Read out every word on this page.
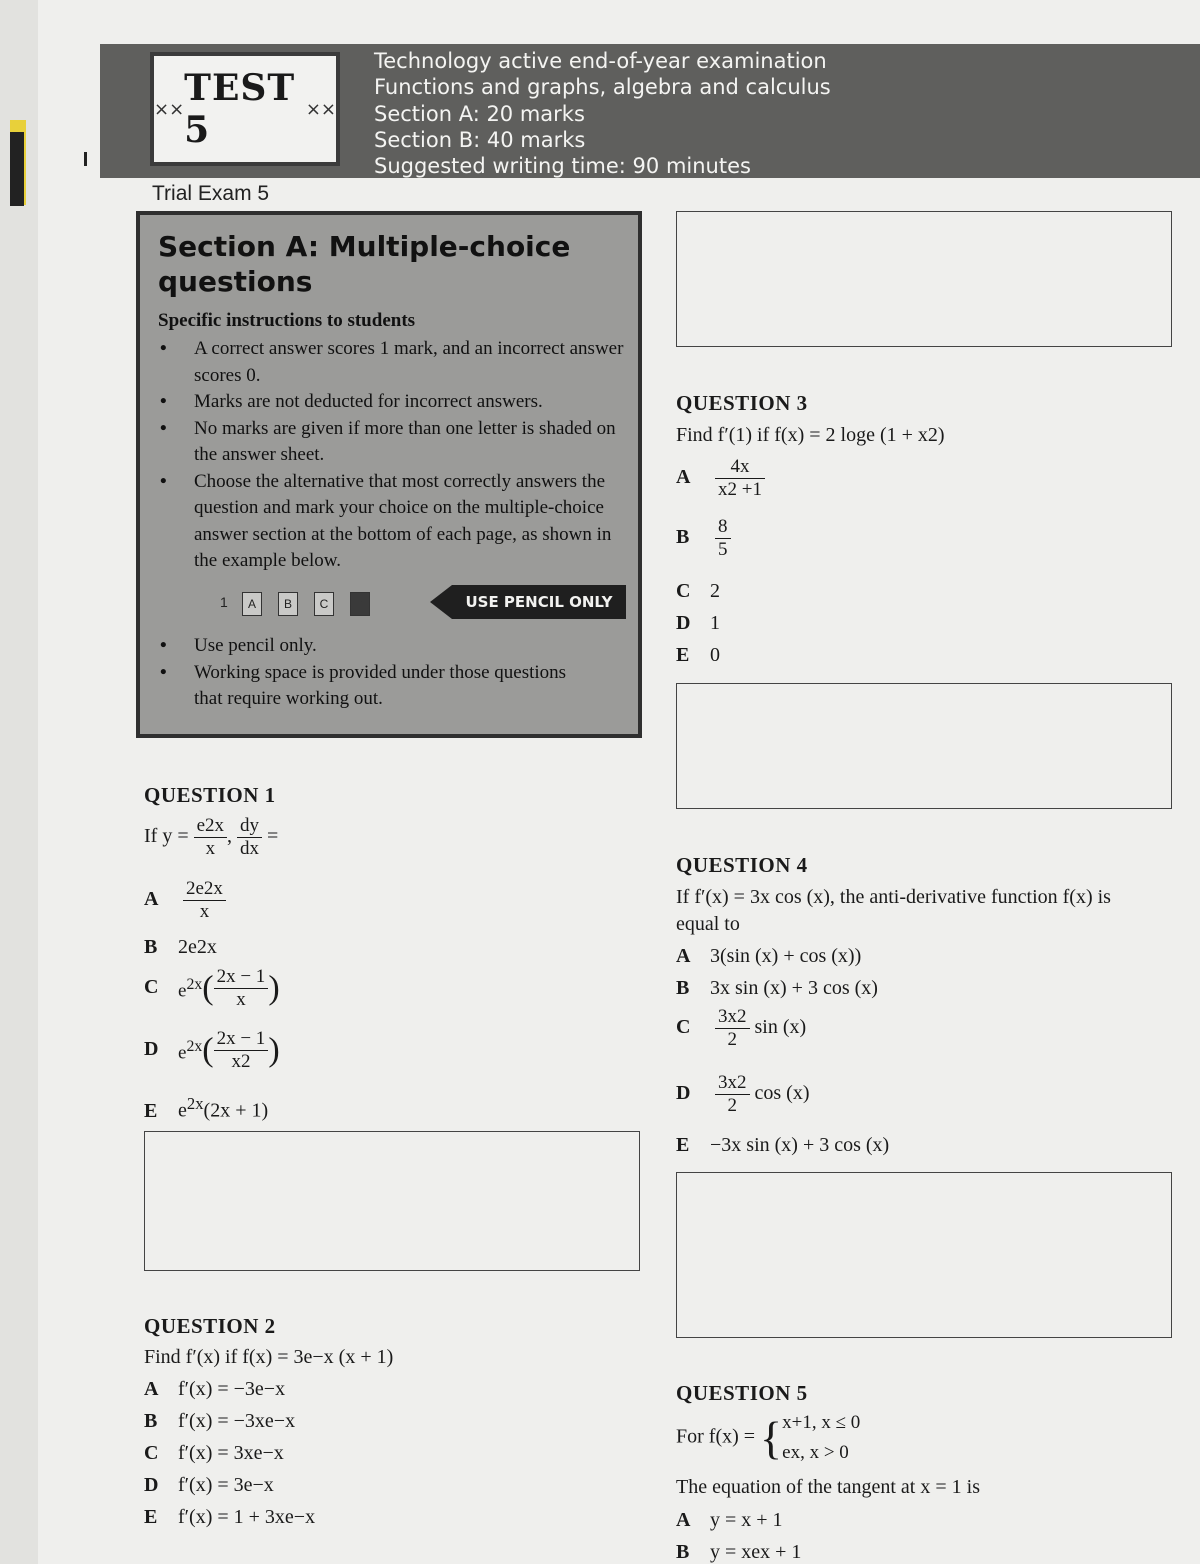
×× TEST 5	××
Technology active end-of-year examination
Functions and graphs, algebra and calculus
Section A: 20 marks
Section B: 40 marks
Suggested writing time: 90 minutes
Trial Exam 5
Section A: Multiple-choice questions
Specific instructions to students
• A correct answer scores 1 mark, and an incorrect answer scores 0.
• Marks are not deducted for incorrect answers.
• No marks are given if more than one letter is shaded on the answer sheet.
• Choose the alternative that most correctly answers the question and mark your choice on the multiple-choice answer section at the bottom of each page, as shown in the example below.
1	A	B	C	D	USE PENCIL ONLY
• Use pencil only.
• Working space is provided under those questions that require working out.
QUESTION 1
If $y = \frac{e2x}{x}$ , $\frac{dy}{dx}$ =
A $\frac{2e2x}{x}$
B 2e2x
C $e^{2x}( \frac{2x - 1}{x}$ )
D $e^{2x}( \frac{2x - 1}{x2}$ )
E $e^{2x}(2x + 1)$
QUESTION 2
Find f′(x) if f(x) = 3e−x (x + 1)
A f′(x) = −3e−x
B f′(x) = −3xe−x
C f′(x) = 3xe−x
D f′(x) = 3e−x
E f′(x) = 1 + 3xe−x
QUESTION 3
Find f′(1) if f(x) = 2 loge (1 + x2)
A $\frac{4x}{x2 +1}$
B $\frac{8}{5}$
C 2
D 1
E 0
QUESTION 4
If f′(x) = 3x cos (x), the anti-derivative function f(x) is
equal to
A 3(sin (x) + cos (x))
B 3x sin (x) + 3 cos (x)
C $\frac{3x2}{2}$ sin (x)
D $\frac{3x2}{2}$ cos (x)
E −3x sin (x) + 3 cos (x)
QUESTION 5
For f(x) = { x+1, x ≤ 0
ex, x > 0
The equation of the tangent at x = 1 is
A y = x + 1
B y = xex + 1
